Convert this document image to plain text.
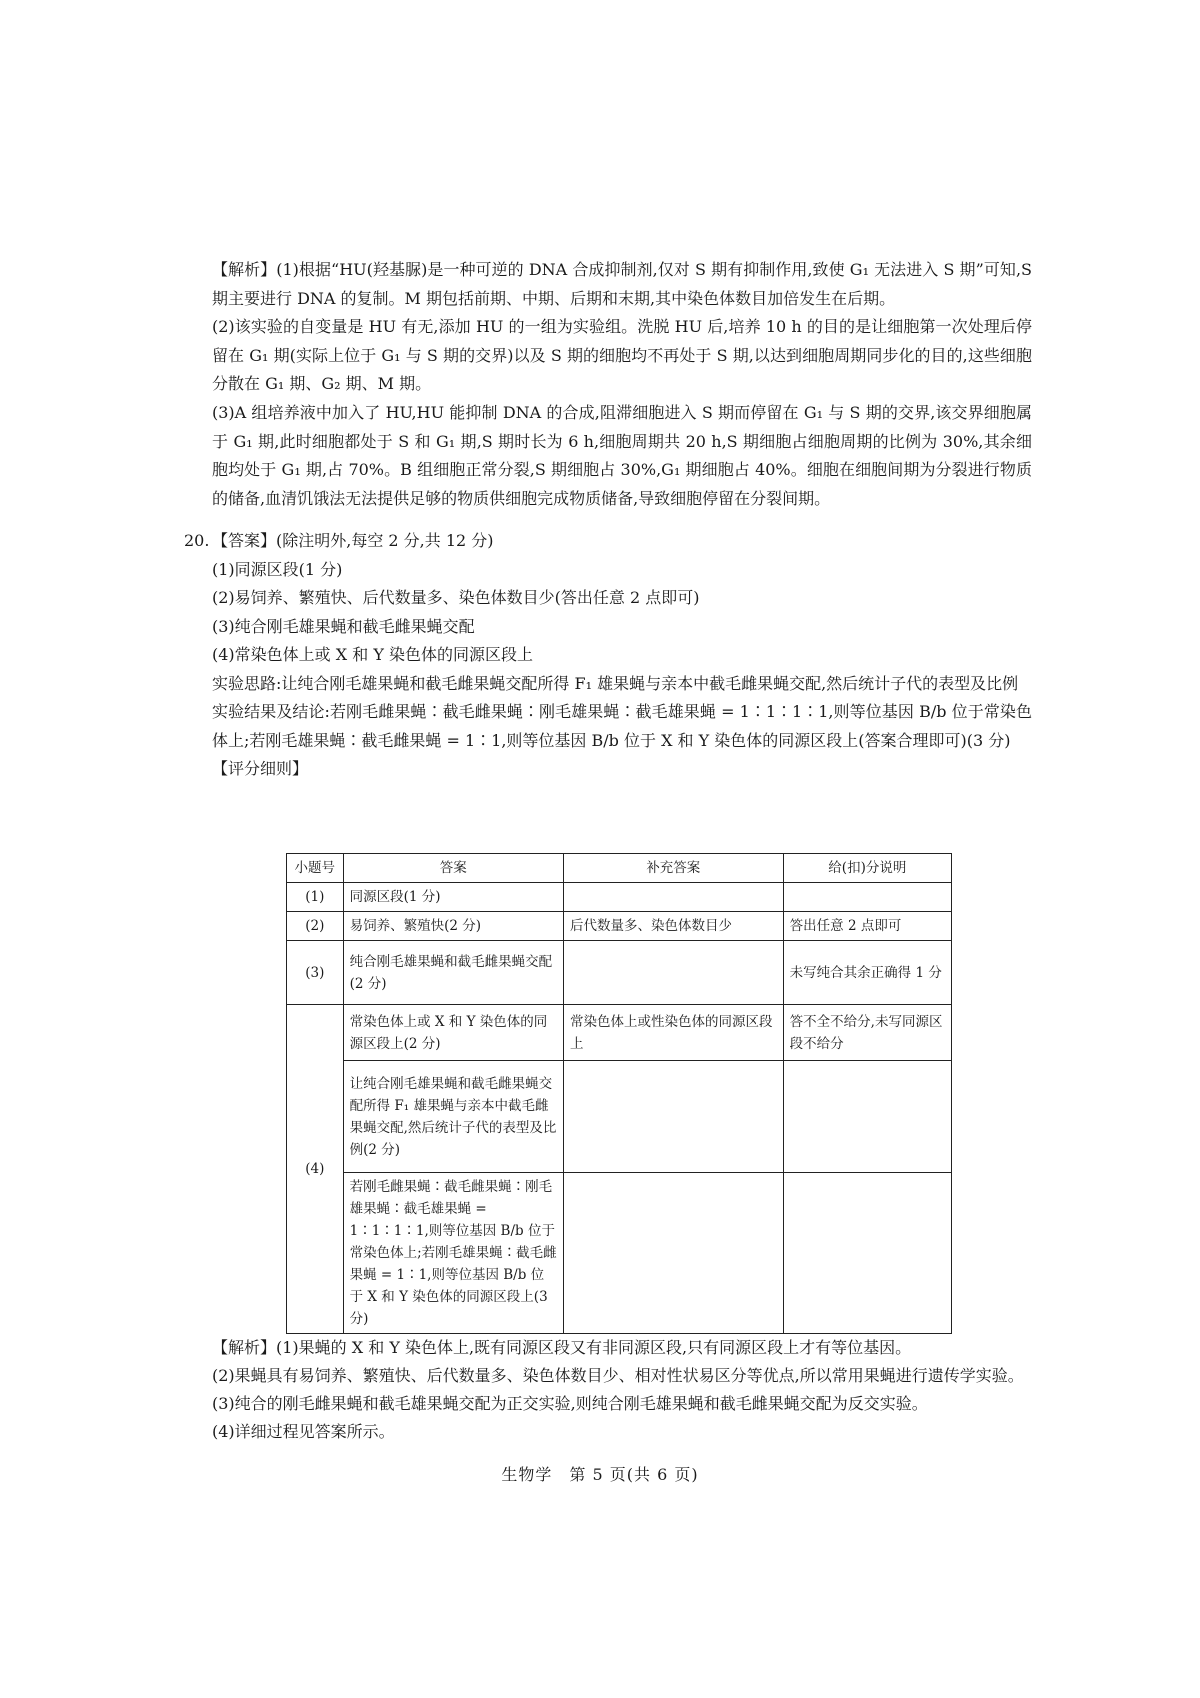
【解析】(1)根据“HU(羟基脲)是一种可逆的 DNA 合成抑制剂,仅对 S 期有抑制作用,致使 G₁ 无法进入 S 期”可知,S 期主要进行 DNA 的复制。M 期包括前期、中期、后期和末期,其中染色体数目加倍发生在后期。
(2)该实验的自变量是 HU 有无,添加 HU 的一组为实验组。洗脱 HU 后,培养 10 h 的目的是让细胞第一次处理后停留在 G₁ 期(实际上位于 G₁ 与 S 期的交界)以及 S 期的细胞均不再处于 S 期,以达到细胞周期同步化的目的,这些细胞分散在 G₁ 期、G₂ 期、M 期。
(3)A 组培养液中加入了 HU,HU 能抑制 DNA 的合成,阻滞细胞进入 S 期而停留在 G₁ 与 S 期的交界,该交界细胞属于 G₁ 期,此时细胞都处于 S 和 G₁ 期,S 期时长为 6 h,细胞周期共 20 h,S 期细胞占细胞周期的比例为 30%,其余细胞均处于 G₁ 期,占 70%。B 组细胞正常分裂,S 期细胞占 30%,G₁ 期细胞占 40%。细胞在细胞间期为分裂进行物质的储备,血清饥饿法无法提供足够的物质供细胞完成物质储备,导致细胞停留在分裂间期。
20. 【答案】(除注明外,每空 2 分,共 12 分)
(1)同源区段(1 分)
(2)易饲养、繁殖快、后代数量多、染色体数目少(答出任意 2 点即可)
(3)纯合刚毛雄果蝇和截毛雌果蝇交配
(4)常染色体上或 X 和 Y 染色体的同源区段上
实验思路:让纯合刚毛雄果蝇和截毛雌果蝇交配所得 F₁ 雄果蝇与亲本中截毛雌果蝇交配,然后统计子代的表型及比例
实验结果及结论:若刚毛雌果蝇∶截毛雌果蝇∶刚毛雄果蝇∶截毛雄果蝇 = 1∶1∶1∶1,则等位基因 B/b 位于常染色体上;若刚毛雄果蝇∶截毛雌果蝇 = 1∶1,则等位基因 B/b 位于 X 和 Y 染色体的同源区段上(答案合理即可)(3 分)
【评分细则】
小题号	答案	补充答案	给(扣)分说明
(1)	同源区段(1 分)		
(2)	易饲养、繁殖快(2 分)	后代数量多、染色体数目少	答出任意 2 点即可
(3)	纯合刚毛雄果蝇和截毛雌果蝇交配(2 分)		未写纯合其余正确得 1 分
(4)	常染色体上或 X 和 Y 染色体的同源区段上(2 分)	常染色体上或性染色体的同源区段上	答不全不给分,未写同源区段不给分
	让纯合刚毛雄果蝇和截毛雌果蝇交配所得 F₁ 雄果蝇与亲本中截毛雌果蝇交配,然后统计子代的表型及比例(2 分)		
	若刚毛雌果蝇∶截毛雌果蝇∶刚毛雄果蝇∶截毛雄果蝇 = 1∶1∶1∶1,则等位基因 B/b 位于常染色体上;若刚毛雄果蝇∶截毛雌果蝇 = 1∶1,则等位基因 B/b 位于 X 和 Y 染色体的同源区段上(3 分)		
【解析】(1)果蝇的 X 和 Y 染色体上,既有同源区段又有非同源区段,只有同源区段上才有等位基因。
(2)果蝇具有易饲养、繁殖快、后代数量多、染色体数目少、相对性状易区分等优点,所以常用果蝇进行遗传学实验。
(3)纯合的刚毛雌果蝇和截毛雄果蝇交配为正交实验,则纯合刚毛雄果蝇和截毛雌果蝇交配为反交实验。
(4)详细过程见答案所示。
生物学　第 5 页(共 6 页)
